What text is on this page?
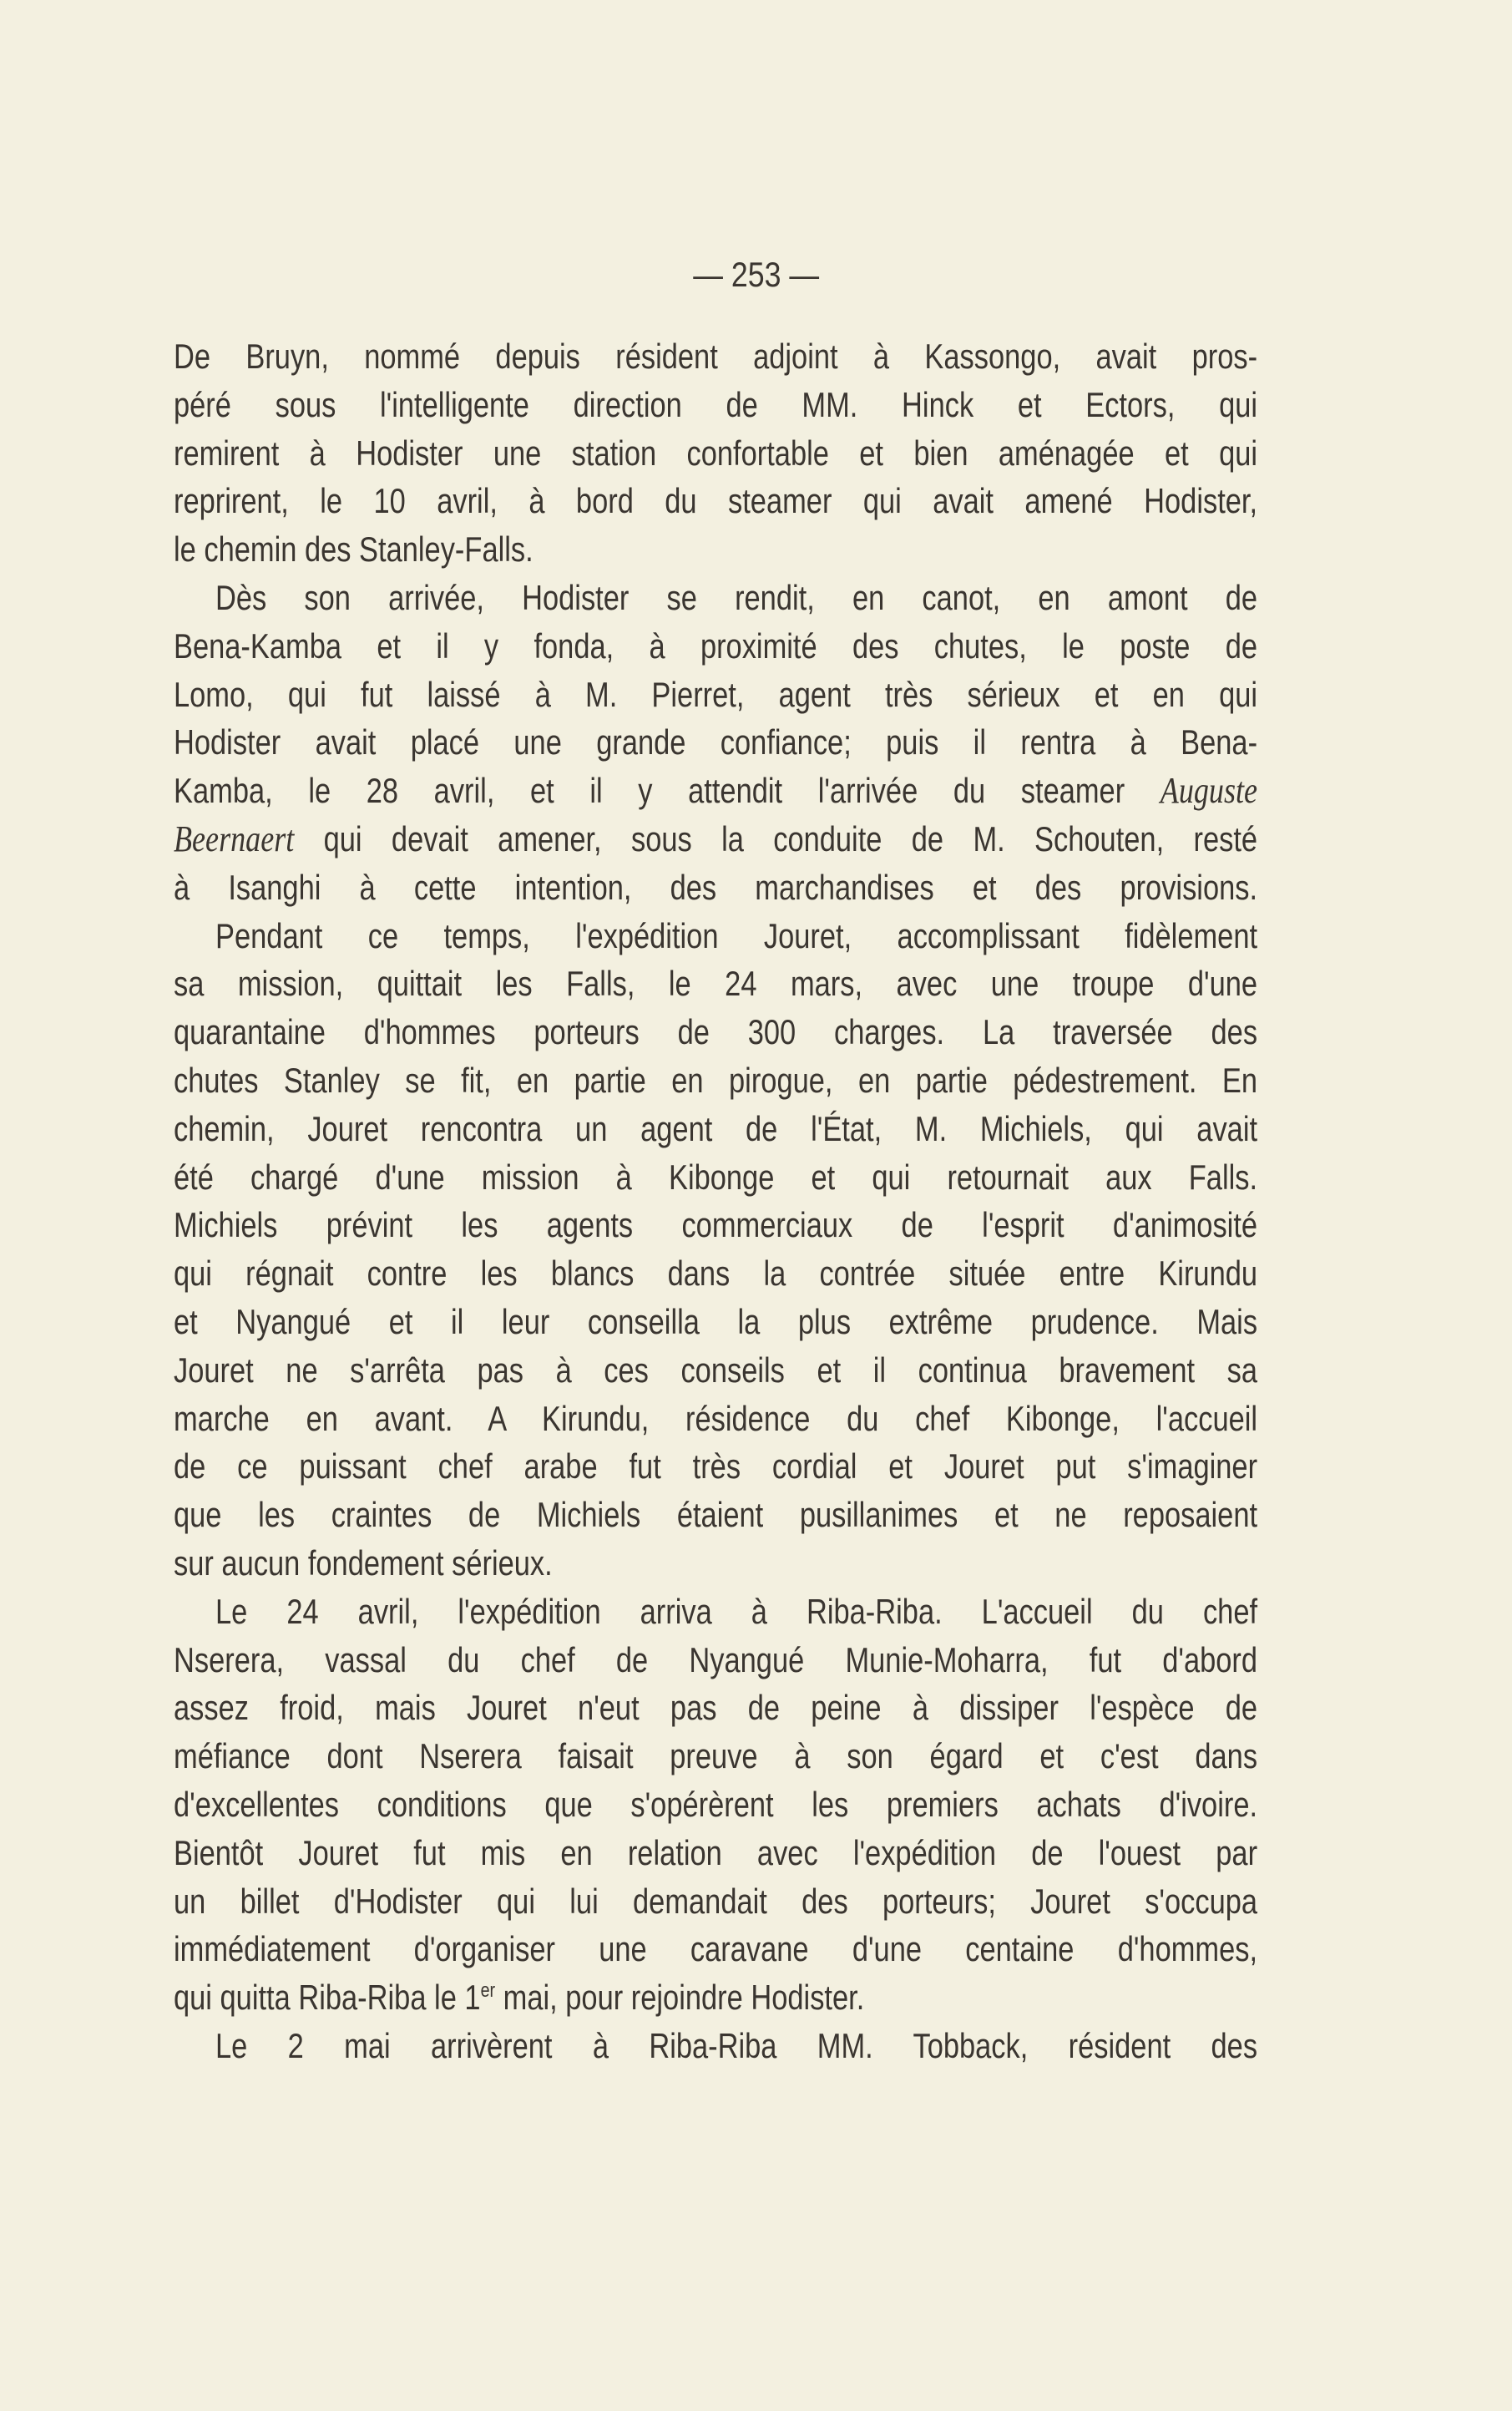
— 253 —
De Bruyn, nommé depuis résident adjoint à Kassongo, avait pros-
péré sous l'intelligente direction de MM. Hinck et Ectors, qui
remirent à Hodister une station confortable et bien aménagée et qui
reprirent, le 10 avril, à bord du steamer qui avait amené Hodister,
le chemin des Stanley-Falls.
Dès son arrivée, Hodister se rendit, en canot, en amont de
Bena-Kamba et il y fonda, à proximité des chutes, le poste de
Lomo, qui fut laissé à M. Pierret, agent très sérieux et en qui
Hodister avait placé une grande confiance; puis il rentra à Bena-
Kamba, le 28 avril, et il y attendit l'arrivée du steamer Auguste
Beernaert qui devait amener, sous la conduite de M. Schouten, resté
à Isanghi à cette intention, des marchandises et des provisions.
Pendant ce temps, l'expédition Jouret, accomplissant fidèlement
sa mission, quittait les Falls, le 24 mars, avec une troupe d'une
quarantaine d'hommes porteurs de 300 charges. La traversée des
chutes Stanley se fit, en partie en pirogue, en partie pédestrement. En
chemin, Jouret rencontra un agent de l'État, M. Michiels, qui avait
été chargé d'une mission à Kibonge et qui retournait aux Falls.
Michiels prévint les agents commerciaux de l'esprit d'animosité
qui régnait contre les blancs dans la contrée située entre Kirundu
et Nyangué et il leur conseilla la plus extrême prudence. Mais
Jouret ne s'arrêta pas à ces conseils et il continua bravement sa
marche en avant. A Kirundu, résidence du chef Kibonge, l'accueil
de ce puissant chef arabe fut très cordial et Jouret put s'imaginer
que les craintes de Michiels étaient pusillanimes et ne reposaient
sur aucun fondement sérieux.
Le 24 avril, l'expédition arriva à Riba-Riba. L'accueil du chef
Nserera, vassal du chef de Nyangué Munie-Moharra, fut d'abord
assez froid, mais Jouret n'eut pas de peine à dissiper l'espèce de
méfiance dont Nserera faisait preuve à son égard et c'est dans
d'excellentes conditions que s'opérèrent les premiers achats d'ivoire.
Bientôt Jouret fut mis en relation avec l'expédition de l'ouest par
un billet d'Hodister qui lui demandait des porteurs; Jouret s'occupa
immédiatement d'organiser une caravane d'une centaine d'hommes,
qui quitta Riba-Riba le 1er mai, pour rejoindre Hodister.
Le 2 mai arrivèrent à Riba-Riba MM. Tobback, résident des
